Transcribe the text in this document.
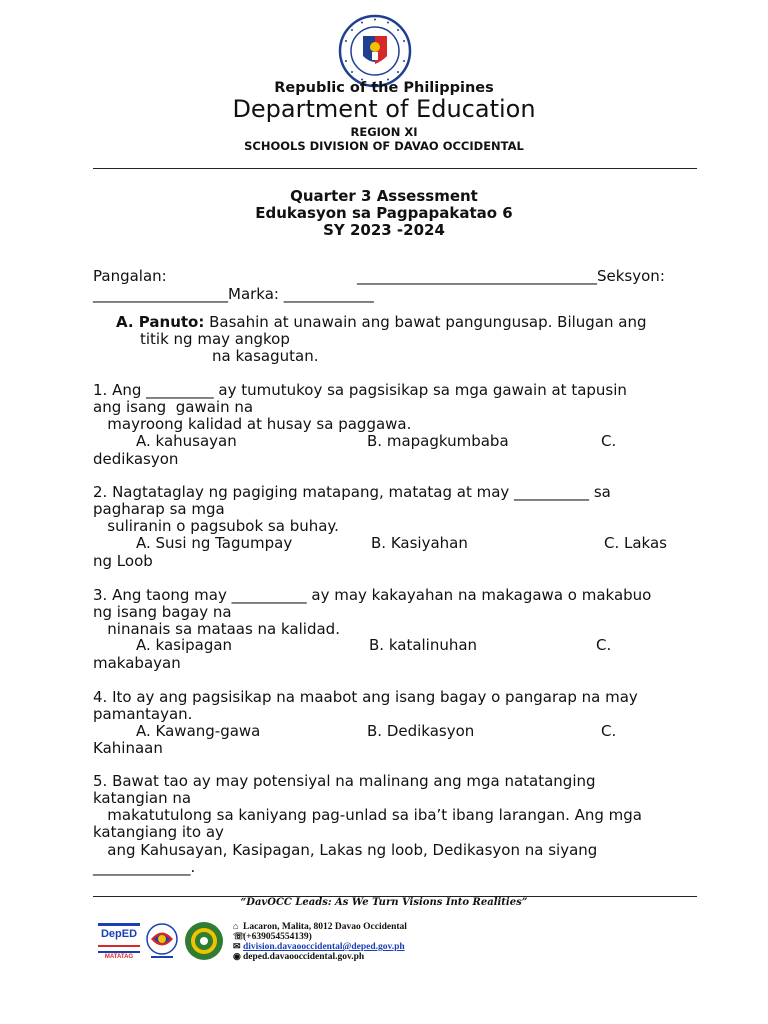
Republic of the Philippines
Department of Education
REGION XI
SCHOOLS DIVISION OF DAVAO OCCIDENTAL
Quarter 3 Assessment
Edukasyon sa Pagpapakatao 6
SY 2023 -2024
Pangalan:	________________________________Seksyon:
__________________Marka: ____________
A. Panuto: Basahin at unawain ang bawat pangungusap. Bilugan ang
titik ng may angkop
na kasagutan.
1. Ang _________ ay tumutukoy sa pagsisikap sa mga gawain at tapusin
ang isang  gawain na
mayroong kalidad at husay sa paggawa.
A. kahusayan	B. mapagkumbaba	C.
dedikasyon
2. Nagtataglay ng pagiging matapang, matatag at may __________ sa
pagharap sa mga
suliranin o pagsubok sa buhay.
A. Susi ng Tagumpay	B. Kasiyahan	C. Lakas
ng Loob
3. Ang taong may __________ ay may kakayahan na makagawa o makabuo
ng isang bagay na
ninanais sa mataas na kalidad.
A. kasipagan	B. katalinuhan	C.
makabayan
4. Ito ay ang pagsisikap na maabot ang isang bagay o pangarap na may
pamantayan.
A. Kawang-gawa	B. Dedikasyon	C.
Kahinaan
5. Bawat tao ay may potensiyal na malinang ang mga natatanging
katangian na
makatutulong sa kaniyang pag-unlad sa iba’t ibang larangan. Ang mga
katangiang ito ay
ang Kahusayan, Kasipagan, Lakas ng loob, Dedikasyon na siyang
_____________.
“DavOCC Leads: As We Turn Visions Into Realities”
DepED
MATATAG
⌂ Lacaron, Malita, 8012 Davao Occidental
☏(+639054554139)
✉ division.davaooccidental@deped.gov.ph
◉ deped.davaooccidental.gov.ph
